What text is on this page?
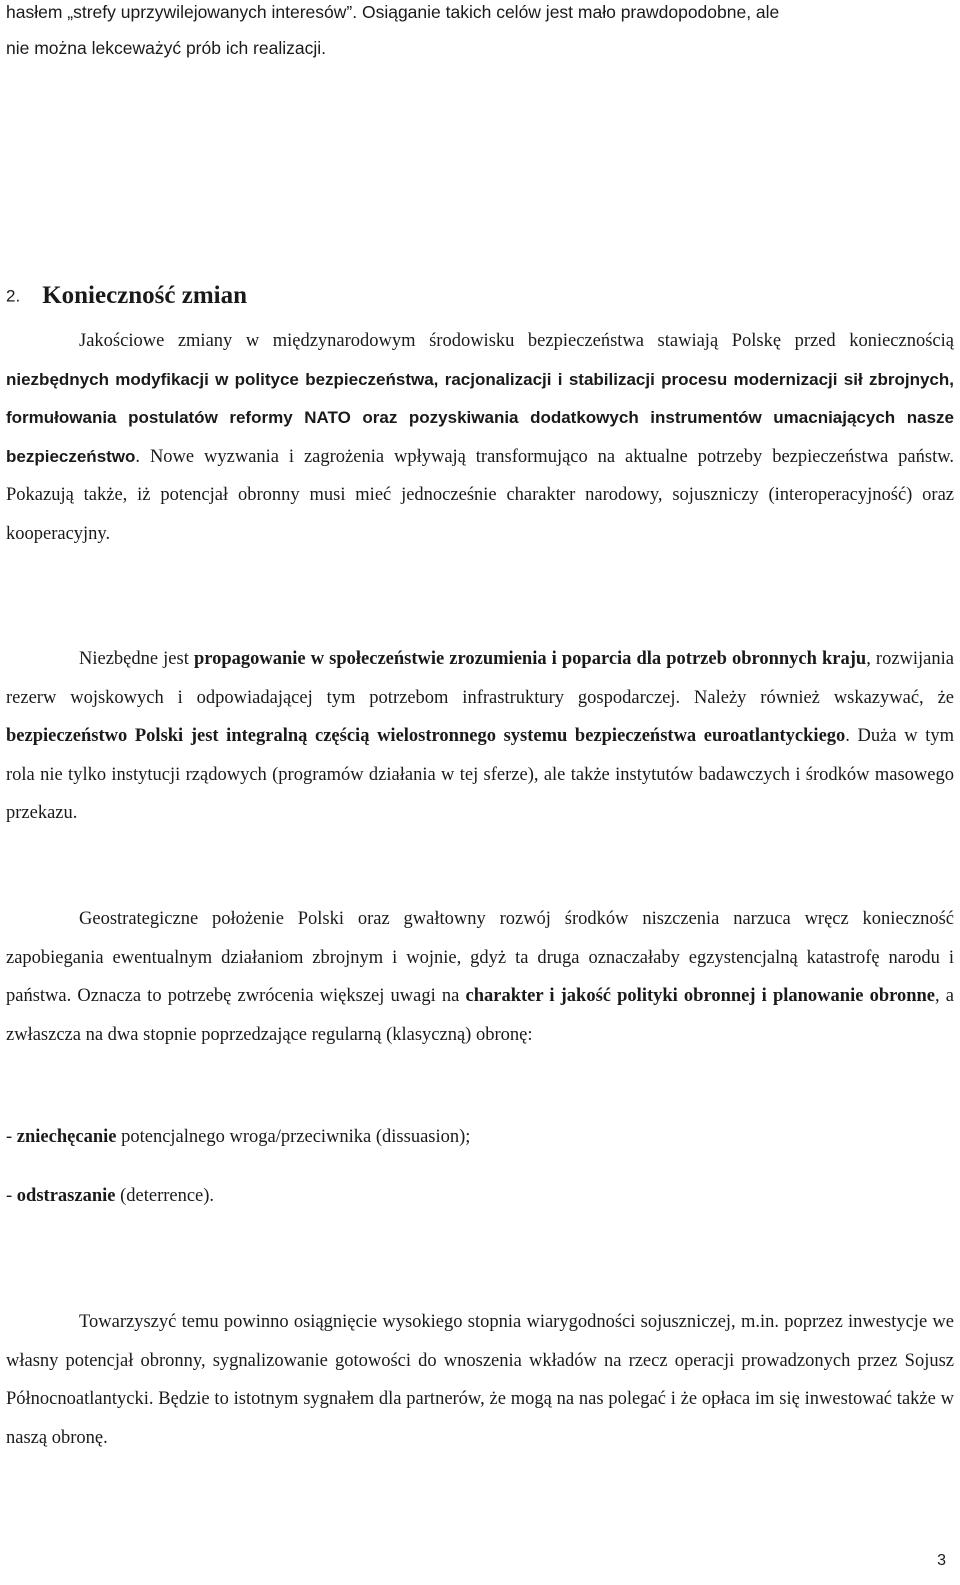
hasłem „strefy uprzywilejowanych interesów”. Osiąganie takich celów jest mało prawdopodobne, ale
nie można lekceważyć prób ich realizacji.

2. Konieczność zmian

Jakościowe zmiany w międzynarodowym środowisku bezpieczeństwa stawiają Polskę przed koniecznością niezbędnych modyfikacji w polityce bezpieczeństwa, racjonalizacji i stabilizacji procesu modernizacji sił zbrojnych, formułowania postulatów reformy NATO oraz pozyskiwania dodatkowych instrumentów umacniających nasze bezpieczeństwo. Nowe wyzwania i zagrożenia wpływają transformująco na aktualne potrzeby bezpieczeństwa państw. Pokazują także, iż potencjał obronny musi mieć jednocześnie charakter narodowy, sojuszniczy (interoperacyjność) oraz kooperacyjny.

Niezbędne jest propagowanie w społeczeństwie zrozumienia i poparcia dla potrzeb obronnych kraju, rozwijania rezerw wojskowych i odpowiadającej tym potrzebom infrastruktury gospodarczej. Należy również wskazywać, że bezpieczeństwo Polski jest integralną częścią wielostronnego systemu bezpieczeństwa euroatlantyckiego. Duża w tym rola nie tylko instytucji rządowych (programów działania w tej sferze), ale także instytutów badawczych i środków masowego przekazu.

Geostrategiczne położenie Polski oraz gwałtowny rozwój środków niszczenia narzuca wręcz konieczność zapobiegania ewentualnym działaniom zbrojnym i wojnie, gdyż ta druga oznaczałaby egzystencjalną katastrofę narodu i państwa. Oznacza to potrzebę zwrócenia większej uwagi na charakter i jakość polityki obronnej i planowanie obronne, a zwłaszcza na dwa stopnie poprzedzające regularną (klasyczną) obronę:

- zniechęcanie potencjalnego wroga/przeciwnika (dissuasion);

- odstraszanie (deterrence).

Towarzyszyć temu powinno osiągnięcie wysokiego stopnia wiarygodności sojuszniczej, m.in. poprzez inwestycje we własny potencjał obronny, sygnalizowanie gotowości do wnoszenia wkładów na rzecz operacji prowadzonych przez Sojusz Północnoatlantycki. Będzie to istotnym sygnałem dla partnerów, że mogą na nas polegać i że opłaca im się inwestować także w naszą obronę.

3
